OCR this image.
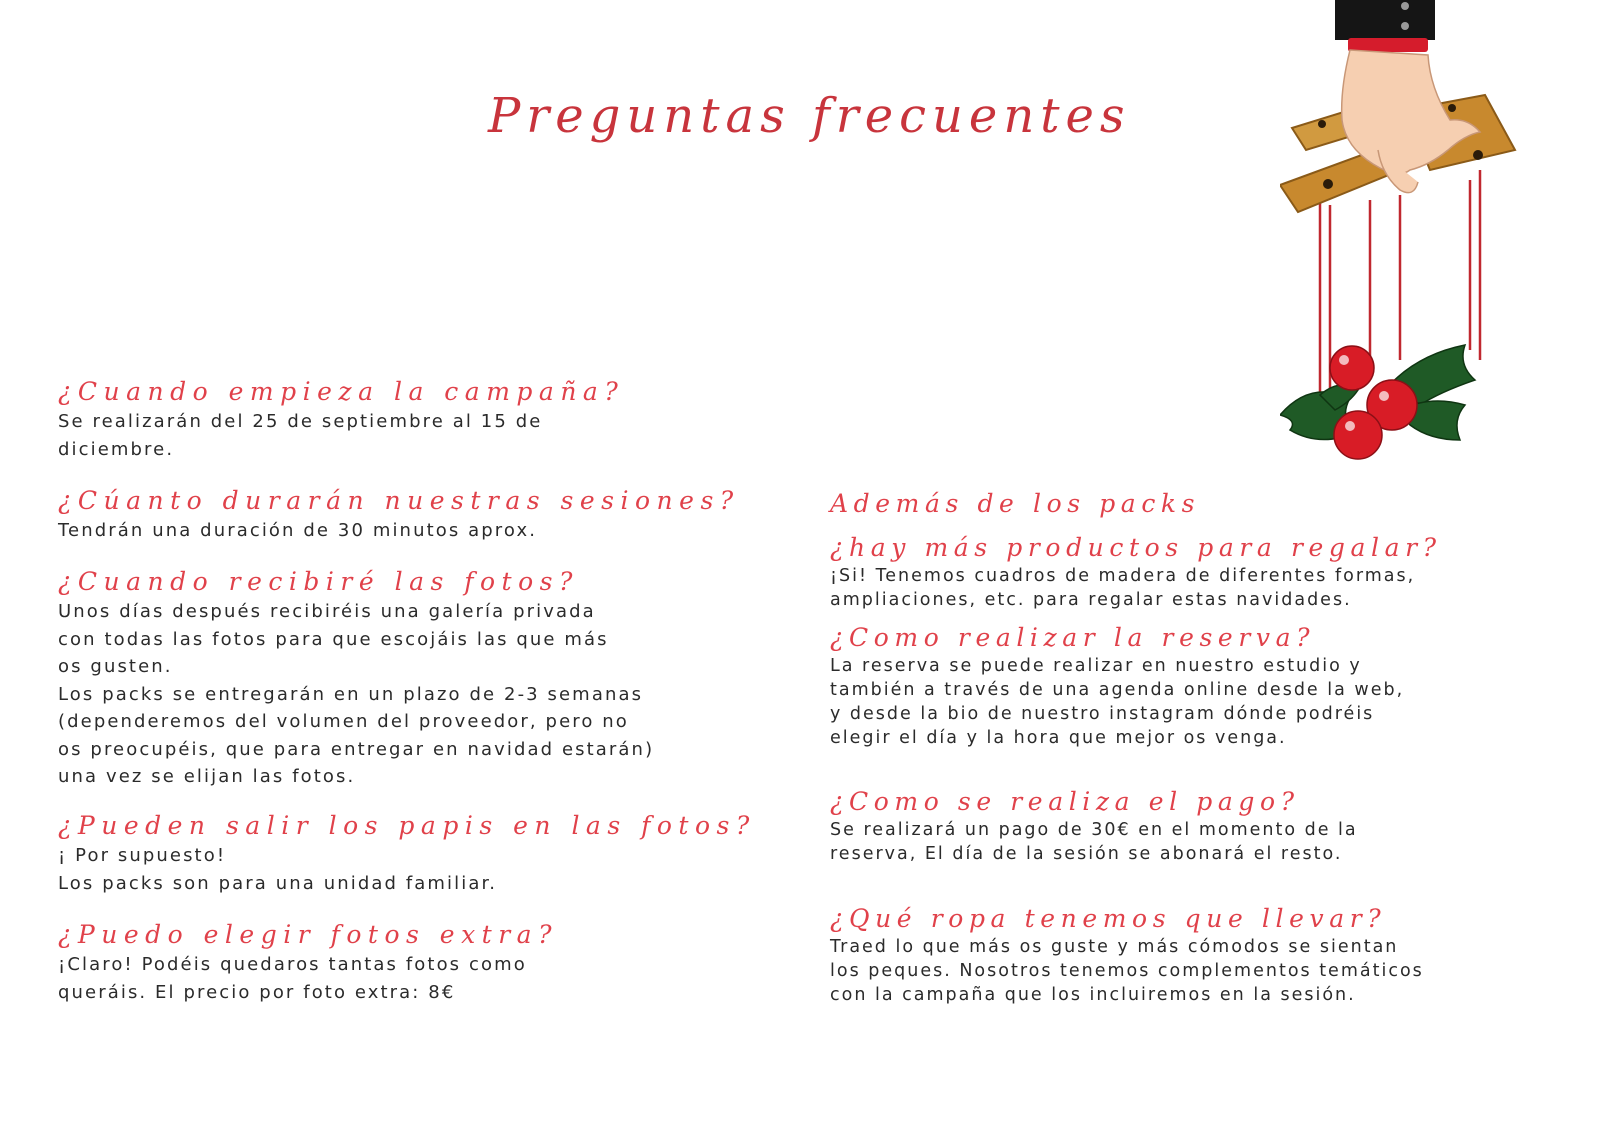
Preguntas frecuentes

¿Cuando empieza la campaña?

Se realizarán del 25 de septiembre al 15 de

diciembre.

¿Cúanto durarán nuestras sesiones?

Tendrán una duración de 30 minutos aprox.

¿Cuando recibiré las fotos?

Unos días después recibiréis una galería privada

con todas las fotos para que escojáis las que más

os gusten.

Los packs se entregarán en un plazo de 2-3 semanas

(dependeremos del volumen del proveedor, pero no

os preocupéis, que para entregar en navidad estarán)

una vez se elijan las fotos.

¿Pueden salir los papis en las fotos?

¡ Por supuesto!

Los packs son para una unidad familiar.

¿Puedo elegir fotos extra?

¡Claro! Podéis quedaros tantas fotos como

queráis. El precio por foto extra: 8€

Además de los packs

¿hay más productos para regalar?

¡Si! Tenemos cuadros de madera de diferentes formas,

ampliaciones, etc. para regalar estas navidades.

¿Como realizar la reserva?

La reserva se puede realizar en nuestro estudio y

también a través de una agenda online desde la web,

y desde la bio de nuestro instagram dónde podréis

elegir el día y la hora que mejor os venga.

¿Como se realiza el pago?

Se realizará un pago de 30€ en el momento de la

reserva, El día de la sesión se abonará el resto.

¿Qué ropa tenemos que llevar?

Traed lo que más os guste y más cómodos se sientan

los peques. Nosotros tenemos complementos temáticos

con la campaña que los incluiremos en la sesión.
